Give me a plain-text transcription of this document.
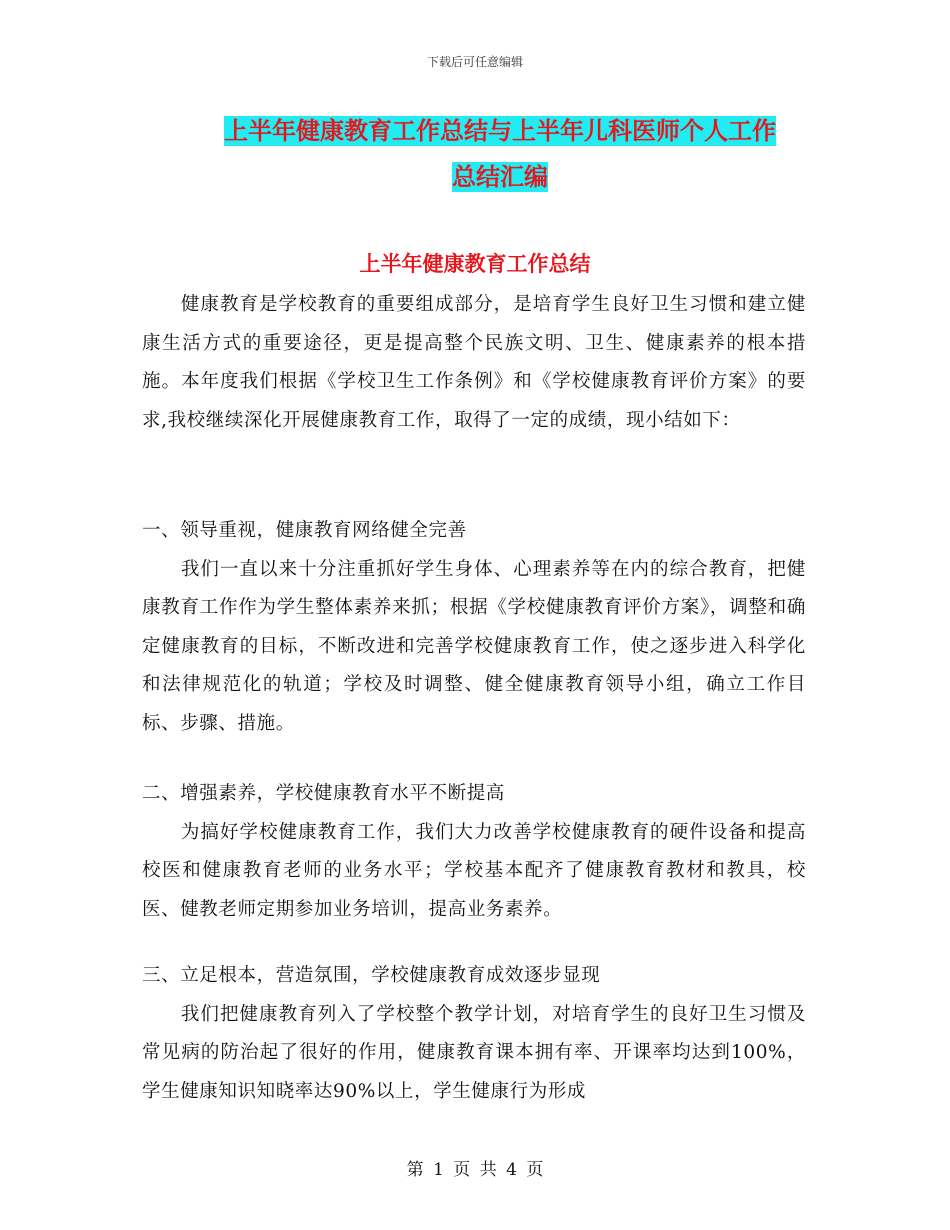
下载后可任意编辑
上半年健康教育工作总结与上半年儿科医师个人工作
总结汇编
上半年健康教育工作总结

健康教育是学校教育的重要组成部分，是培育学生良好卫生习惯和建立健康生活方式的重要途径，更是提高整个民族文明、卫生、健康素养的根本措施。本年度我们根据《学校卫生工作条例》和《学校健康教育评价方案》的要求,我校继续深化开展健康教育工作，取得了一定的成绩，现小结如下：

一、领导重视，健康教育网络健全完善

我们一直以来十分注重抓好学生身体、心理素养等在内的综合教育，把健康教育工作作为学生整体素养来抓；根据《学校健康教育评价方案》，调整和确定健康教育的目标，不断改进和完善学校健康教育工作，使之逐步进入科学化和法律规范化的轨道；学校及时调整、健全健康教育领导小组，确立工作目标、步骤、措施。

二、增强素养，学校健康教育水平不断提高

为搞好学校健康教育工作，我们大力改善学校健康教育的硬件设备和提高校医和健康教育老师的业务水平；学校基本配齐了健康教育教材和教具，校医、健教老师定期参加业务培训，提高业务素养。

三、立足根本，营造氛围，学校健康教育成效逐步显现

我们把健康教育列入了学校整个教学计划，对培育学生的良好卫生习惯及常见病的防治起了很好的作用，健康教育课本拥有率、开课率均达到100%，学生健康知识知晓率达90%以上，学生健康行为形成

第 1 页 共 4 页
